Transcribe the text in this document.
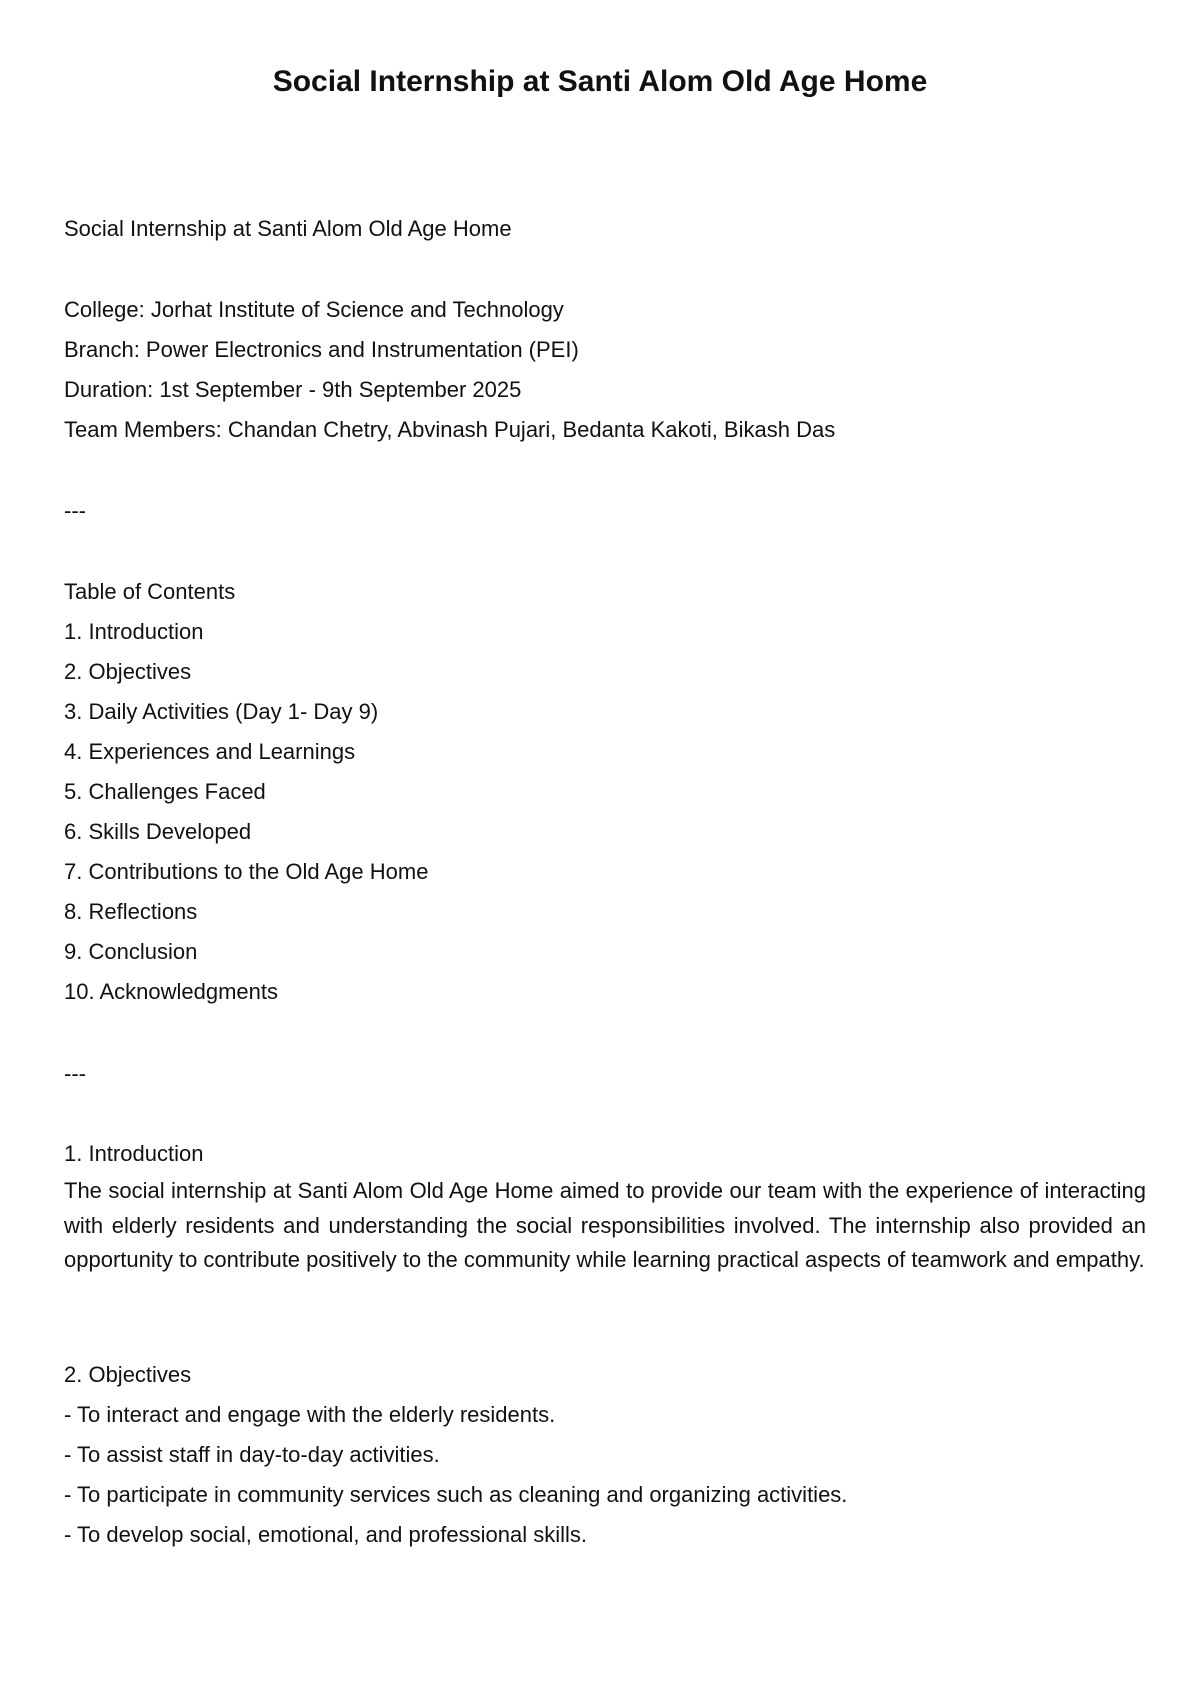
Social Internship at Santi Alom Old Age Home
Social Internship at Santi Alom Old Age Home
College: Jorhat Institute of Science and Technology
Branch: Power Electronics and Instrumentation (PEI)
Duration: 1st September - 9th September 2025
Team Members: Chandan Chetry, Abvinash Pujari, Bedanta Kakoti, Bikash Das
---
Table of Contents
1. Introduction
2. Objectives
3. Daily Activities (Day 1- Day 9)
4. Experiences and Learnings
5. Challenges Faced
6. Skills Developed
7. Contributions to the Old Age Home
8. Reflections
9. Conclusion
10. Acknowledgments
---
1. Introduction
The social internship at Santi Alom Old Age Home aimed to provide our team with the experience of interacting with elderly residents and understanding the social responsibilities involved. The internship also provided an opportunity to contribute positively to the community while learning practical aspects of teamwork and empathy.
2. Objectives
- To interact and engage with the elderly residents.
- To assist staff in day-to-day activities.
- To participate in community services such as cleaning and organizing activities.
- To develop social, emotional, and professional skills.
